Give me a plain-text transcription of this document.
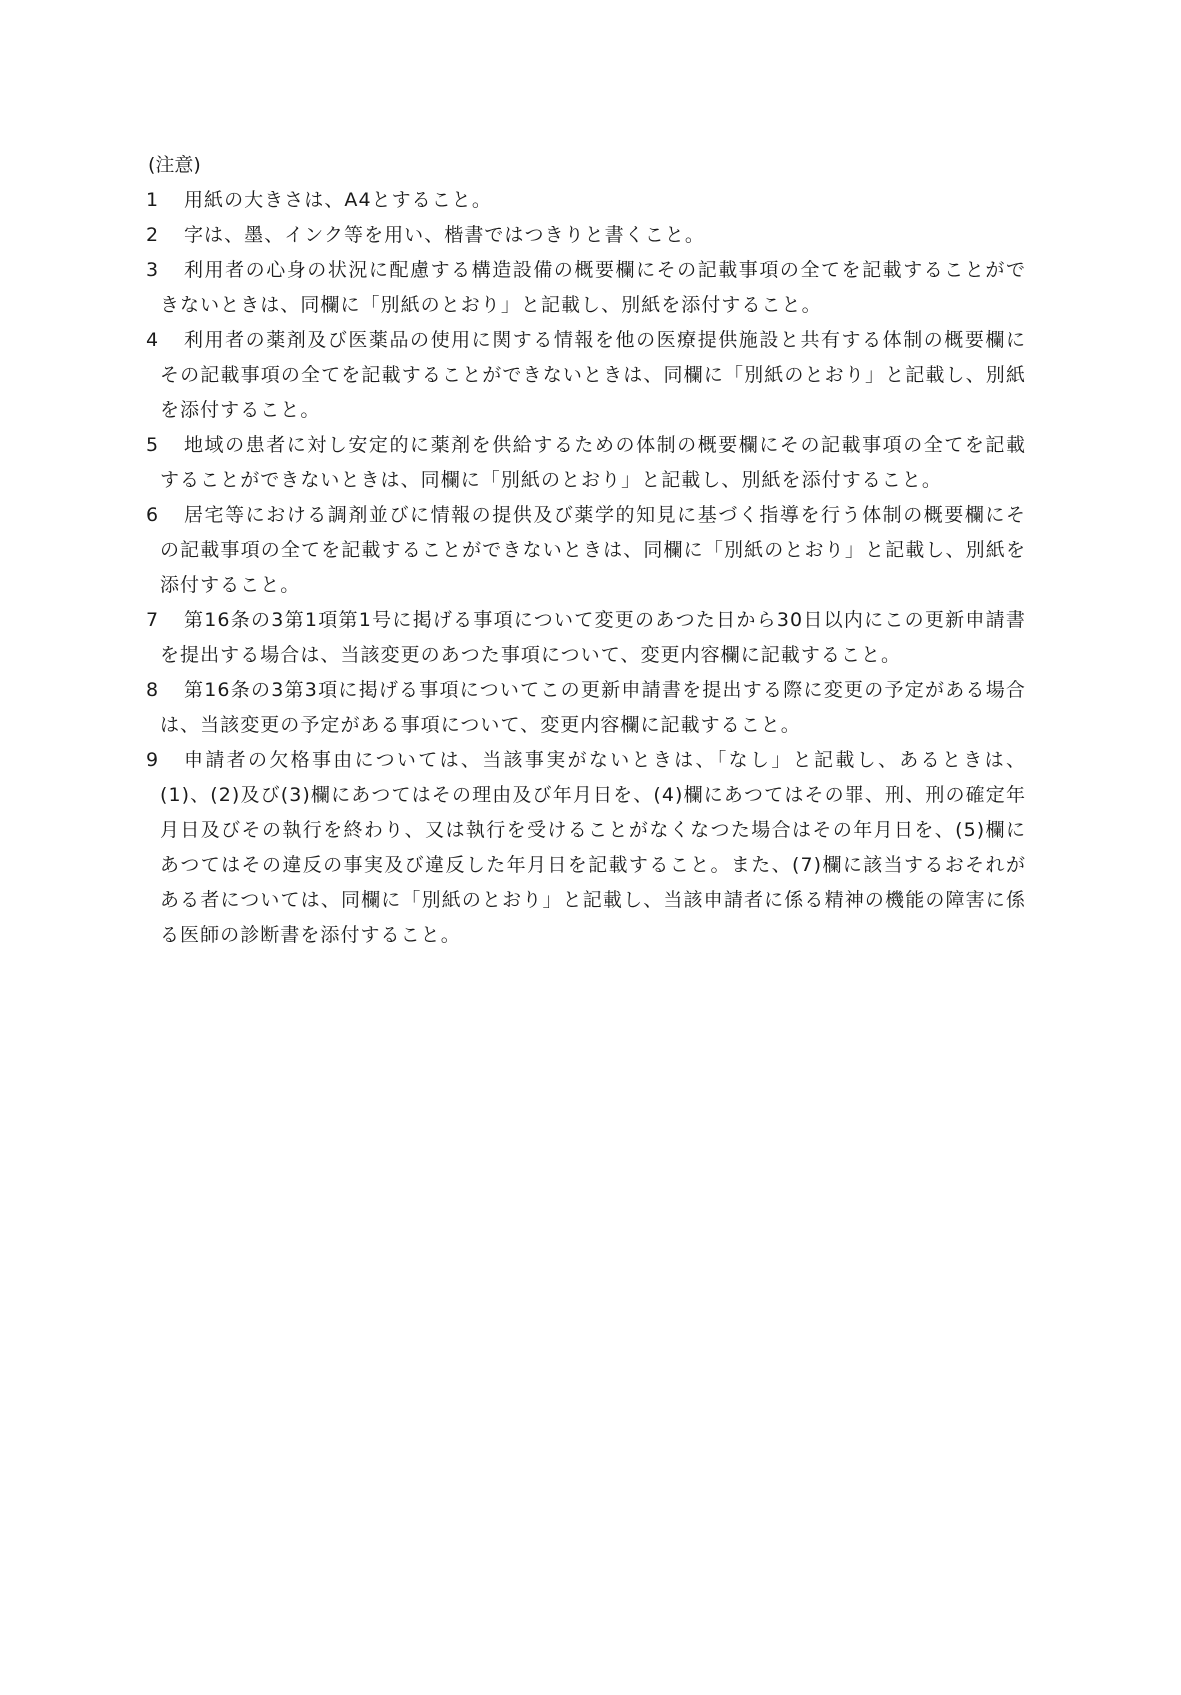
(注意)

1	用紙の大きさは、A4とすること。
2	字は、墨、インク等を用い、楷書ではつきりと書くこと。
3	利用者の心身の状況に配慮する構造設備の概要欄にその記載事項の全てを記載することができないときは、同欄に「別紙のとおり」と記載し、別紙を添付すること。
4	利用者の薬剤及び医薬品の使用に関する情報を他の医療提供施設と共有する体制の概要欄にその記載事項の全てを記載することができないときは、同欄に「別紙のとおり」と記載し、別紙を添付すること。
5	地域の患者に対し安定的に薬剤を供給するための体制の概要欄にその記載事項の全てを記載することができないときは、同欄に「別紙のとおり」と記載し、別紙を添付すること。
6	居宅等における調剤並びに情報の提供及び薬学的知見に基づく指導を行う体制の概要欄にその記載事項の全てを記載することができないときは、同欄に「別紙のとおり」と記載し、別紙を添付すること。
7	第16条の3第1項第1号に掲げる事項について変更のあつた日から30日以内にこの更新申請書を提出する場合は、当該変更のあつた事項について、変更内容欄に記載すること。
8	第16条の3第3項に掲げる事項についてこの更新申請書を提出する際に変更の予定がある場合は、当該変更の予定がある事項について、変更内容欄に記載すること。
9	申請者の欠格事由については、当該事実がないときは、「なし」と記載し、あるときは、(1)、(2)及び(3)欄にあつてはその理由及び年月日を、(4)欄にあつてはその罪、刑、刑の確定年月日及びその執行を終わり、又は執行を受けることがなくなつた場合はその年月日を、(5)欄にあつてはその違反の事実及び違反した年月日を記載すること。また、(7)欄に該当するおそれがある者については、同欄に「別紙のとおり」と記載し、当該申請者に係る精神の機能の障害に係る医師の診断書を添付すること。
